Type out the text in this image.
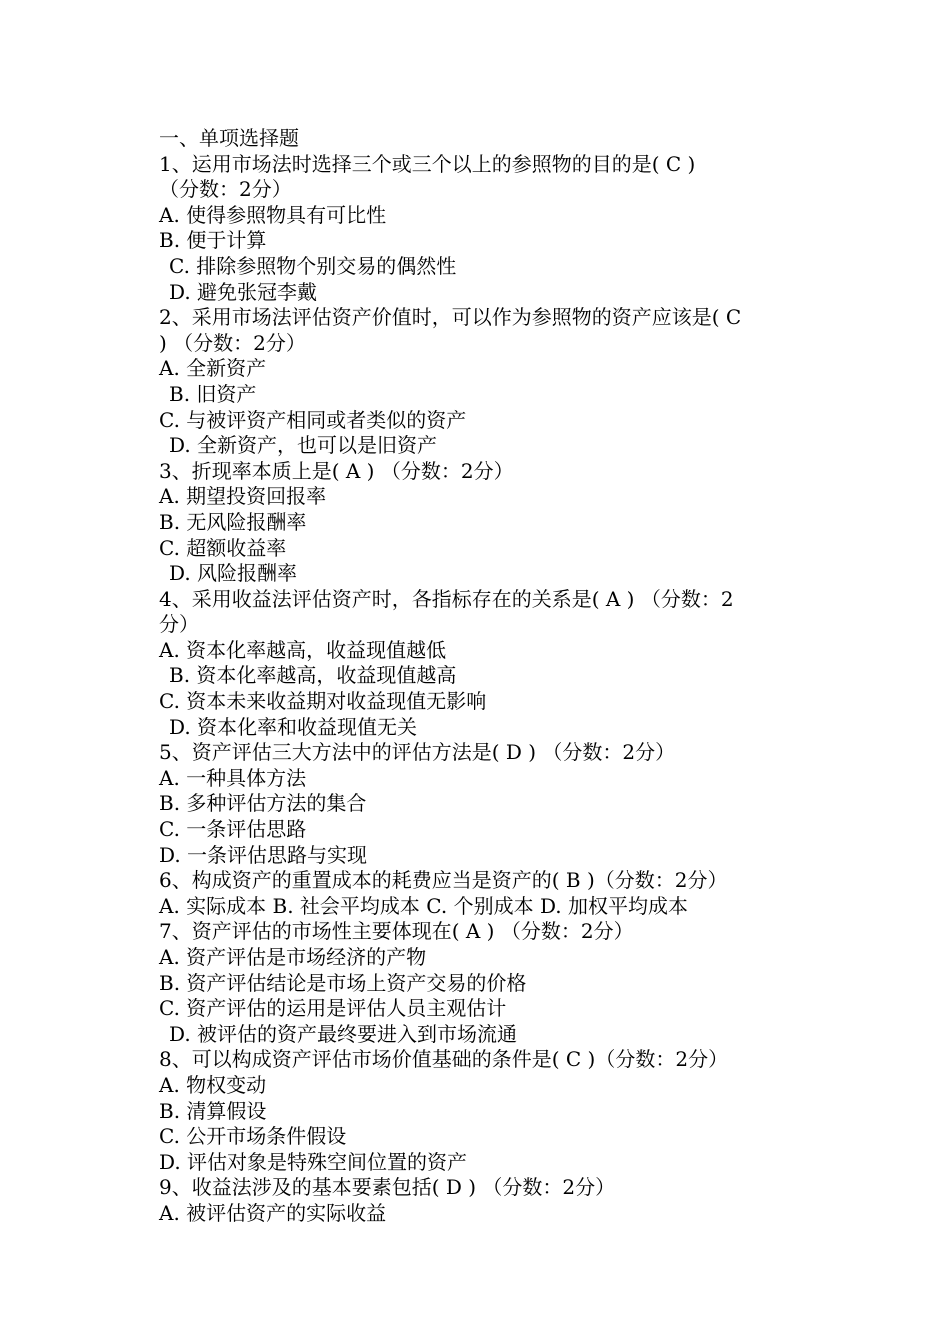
一、单项选择题
1、运用市场法时选择三个或三个以上的参照物的目的是( C )
（分数：2分）
A. 使得参照物具有可比性
B. 便于计算
C. 排除参照物个别交易的偶然性
D. 避免张冠李戴
2、采用市场法评估资产价值时，可以作为参照物的资产应该是( C
) （分数：2分）
A. 全新资产
B. 旧资产
C. 与被评资产相同或者类似的资产
D. 全新资产，也可以是旧资产
3、折现率本质上是( A ) （分数：2分）
A. 期望投资回报率
B. 无风险报酬率
C. 超额收益率
D. 风险报酬率
4、采用收益法评估资产时，各指标存在的关系是( A ) （分数：2
分）
A. 资本化率越高，收益现值越低
B. 资本化率越高，收益现值越高
C. 资本未来收益期对收益现值无影响
D. 资本化率和收益现值无关
5、资产评估三大方法中的评估方法是( D ) （分数：2分）
A. 一种具体方法
B. 多种评估方法的集合
C. 一条评估思路
D. 一条评估思路与实现
6、构成资产的重置成本的耗费应当是资产的( B )（分数：2分）
A. 实际成本 B. 社会平均成本 C. 个别成本 D. 加权平均成本
7、资产评估的市场性主要体现在( A ) （分数：2分）
A. 资产评估是市场经济的产物
B. 资产评估结论是市场上资产交易的价格
C. 资产评估的运用是评估人员主观估计
D. 被评估的资产最终要进入到市场流通
8、可以构成资产评估市场价值基础的条件是( C )（分数：2分）
A. 物权变动
B. 清算假设
C. 公开市场条件假设
D. 评估对象是特殊空间位置的资产
9、收益法涉及的基本要素包括( D ) （分数：2分）
A. 被评估资产的实际收益
